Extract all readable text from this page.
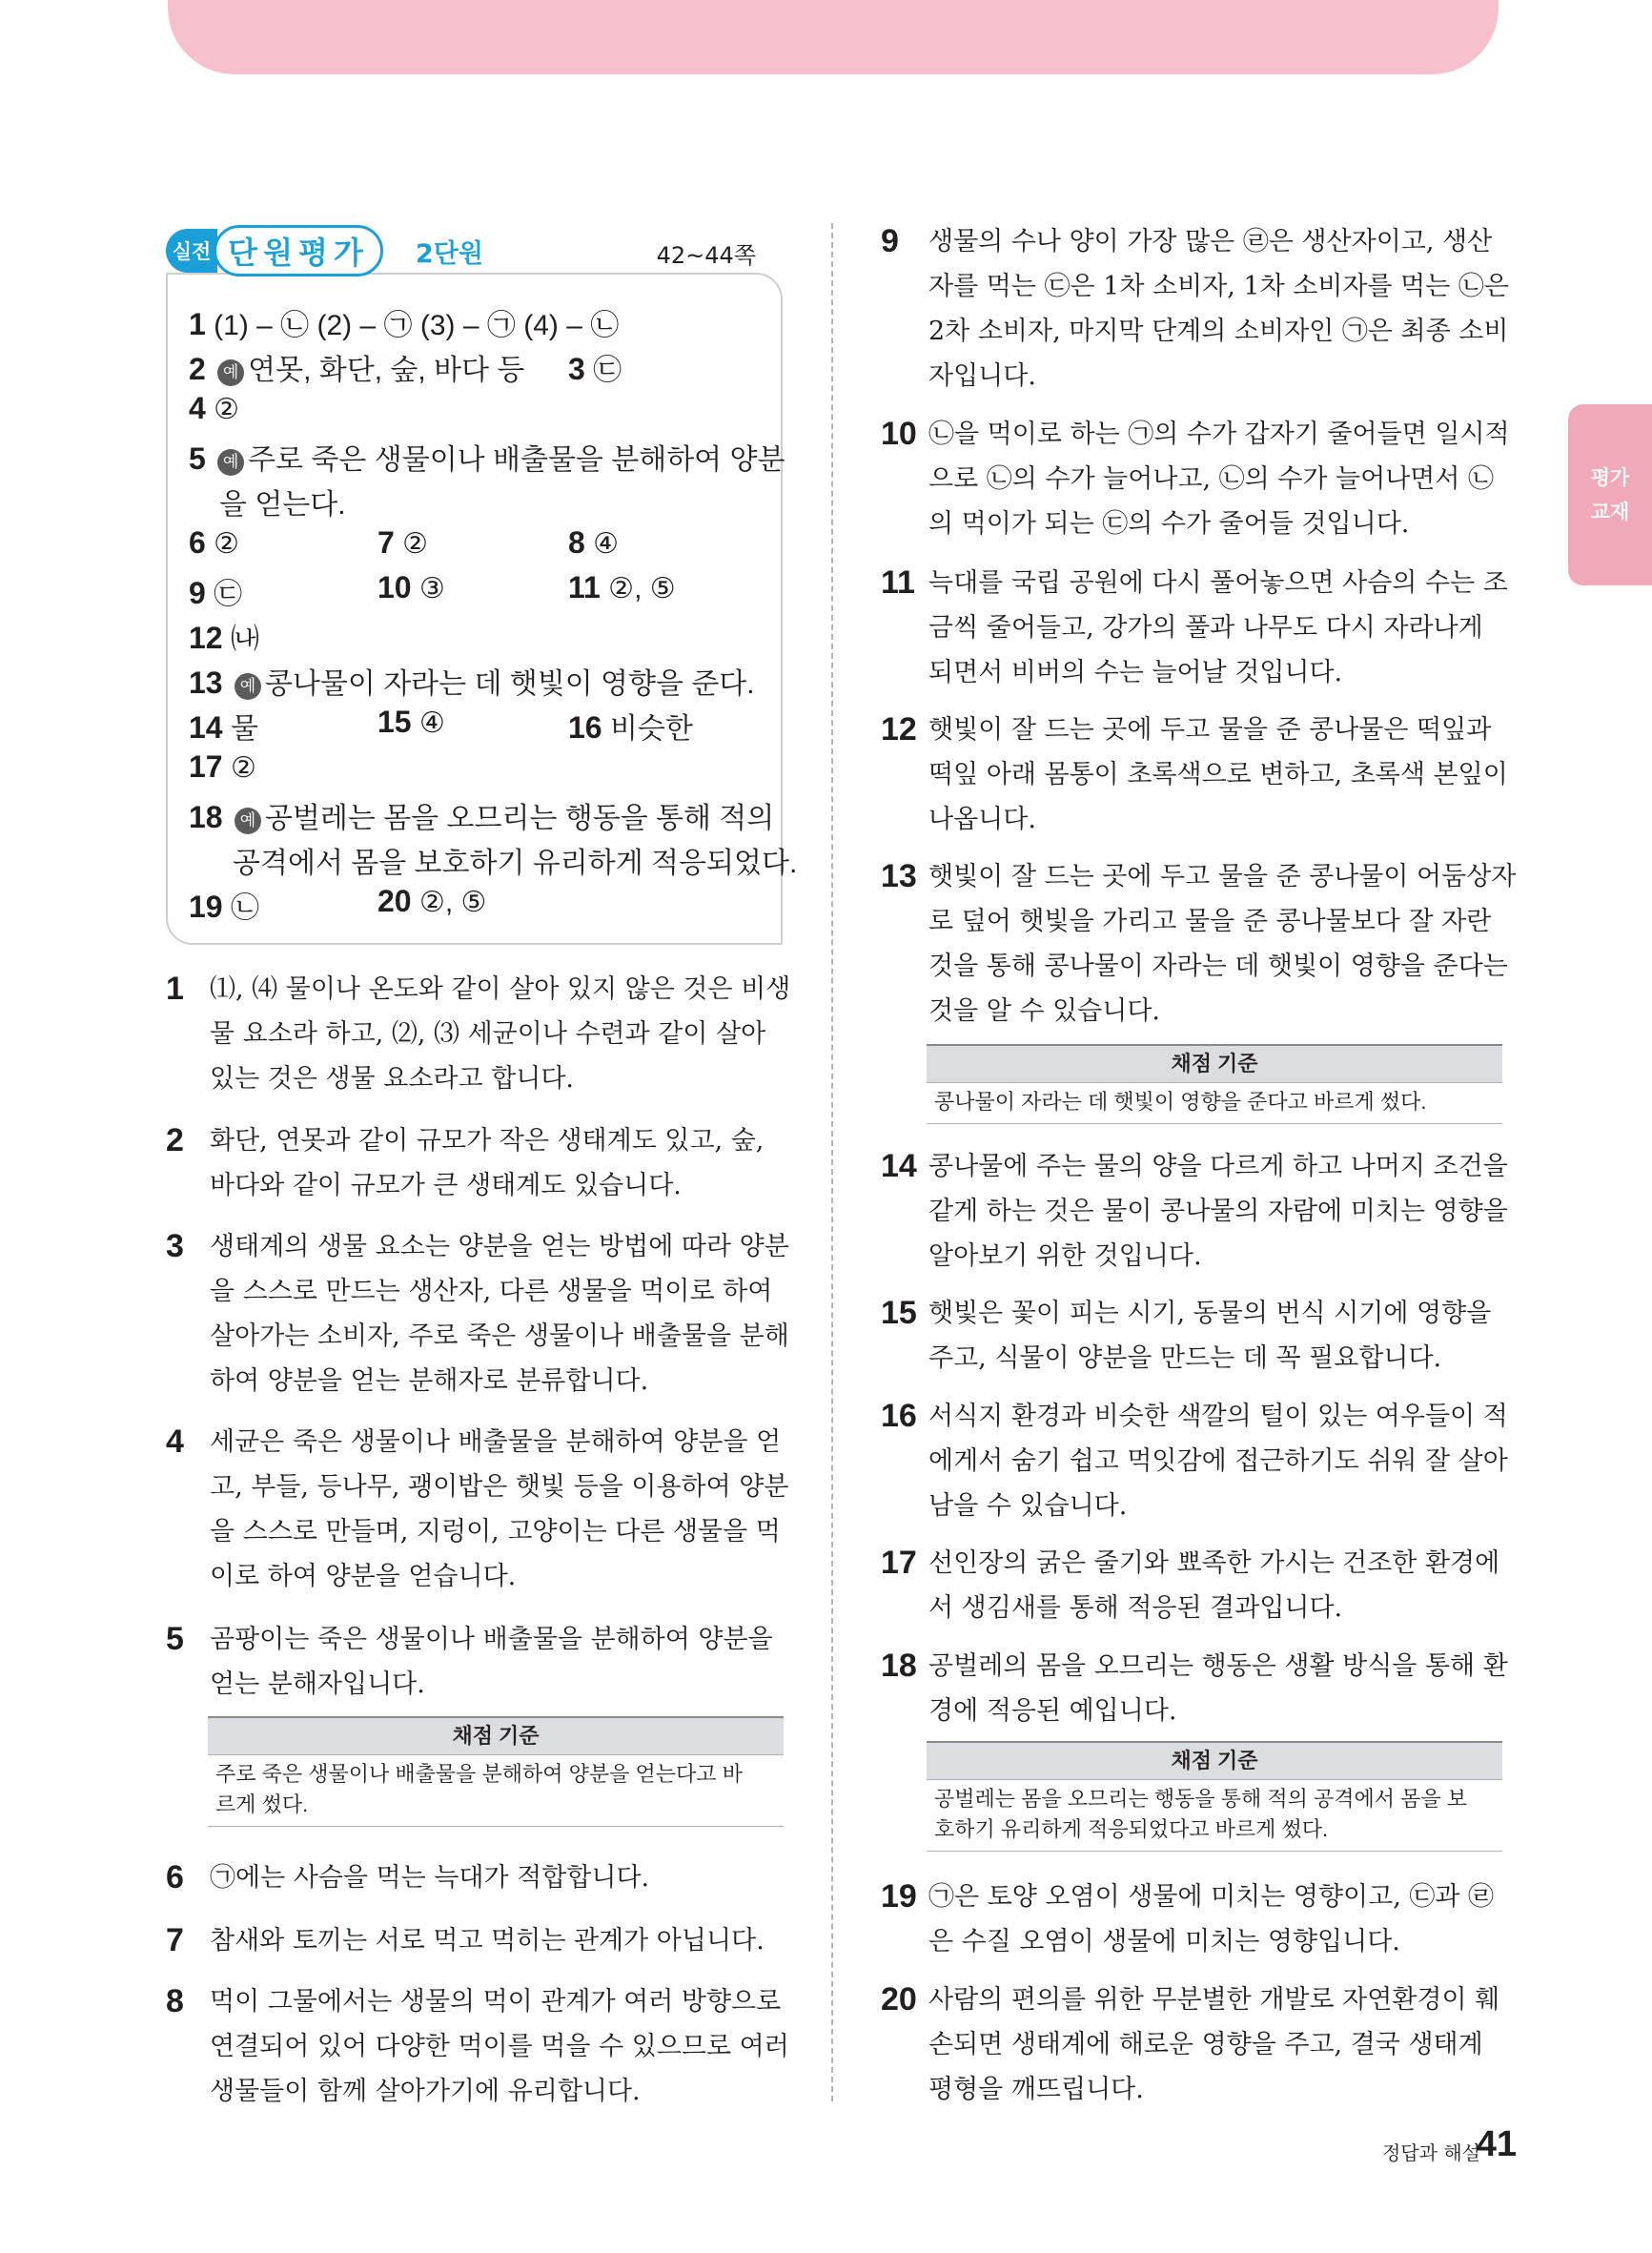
평가
교재
실전 단원평가	2단원	42~44쪽
1 (1) – ㉡ (2) – ㉠ (3) – ㉠ (4) – ㉡
2 예 연못, 화단, 숲, 바다 등 3 ㉢
4 ②
5 예 주로 죽은 생물이나 배출물을 분해하여 양분
을 얻는다.
6 ②	7 ②	8 ④
9 ㉢	10 ③	11 ②, ⑤
12 ㈏
13 예 콩나물이 자라는 데 햇빛이 영향을 준다.
14 물	15 ④	16 비슷한
17 ②
18 예 공벌레는 몸을 오므리는 행동을 통해 적의
공격에서 몸을 보호하기 유리하게 적응되었다.
19 ㉡	20 ②, ⑤
1 ⑴, ⑷ 물이나 온도와 같이 살아 있지 않은 것은 비생
물 요소라 하고, ⑵, ⑶ 세균이나 수련과 같이 살아
있는 것은 생물 요소라고 합니다.
2 화단, 연못과 같이 규모가 작은 생태계도 있고, 숲,
바다와 같이 규모가 큰 생태계도 있습니다.
3 생태계의 생물 요소는 양분을 얻는 방법에 따라 양분
을 스스로 만드는 생산자, 다른 생물을 먹이로 하여
살아가는 소비자, 주로 죽은 생물이나 배출물을 분해
하여 양분을 얻는 분해자로 분류합니다.
4 세균은 죽은 생물이나 배출물을 분해하여 양분을 얻
고, 부들, 등나무, 괭이밥은 햇빛 등을 이용하여 양분
을 스스로 만들며, 지렁이, 고양이는 다른 생물을 먹
이로 하여 양분을 얻습니다.
5 곰팡이는 죽은 생물이나 배출물을 분해하여 양분을
얻는 분해자입니다.
채점 기준
주로 죽은 생물이나 배출물을 분해하여 양분을 얻는다고 바
르게 썼다.
6 ㉠에는 사슴을 먹는 늑대가 적합합니다.
7 참새와 토끼는 서로 먹고 먹히는 관계가 아닙니다.
8 먹이 그물에서는 생물의 먹이 관계가 여러 방향으로
연결되어 있어 다양한 먹이를 먹을 수 있으므로 여러
생물들이 함께 살아가기에 유리합니다.
9 생물의 수나 양이 가장 많은 ㉣은 생산자이고, 생산
자를 먹는 ㉢은 1차 소비자, 1차 소비자를 먹는 ㉡은
2차 소비자, 마지막 단계의 소비자인 ㉠은 최종 소비
자입니다.
10 ㉡을 먹이로 하는 ㉠의 수가 갑자기 줄어들면 일시적
으로 ㉡의 수가 늘어나고, ㉡의 수가 늘어나면서 ㉡
의 먹이가 되는 ㉢의 수가 줄어들 것입니다.
11 늑대를 국립 공원에 다시 풀어놓으면 사슴의 수는 조
금씩 줄어들고, 강가의 풀과 나무도 다시 자라나게
되면서 비버의 수는 늘어날 것입니다.
12 햇빛이 잘 드는 곳에 두고 물을 준 콩나물은 떡잎과
떡잎 아래 몸통이 초록색으로 변하고, 초록색 본잎이
나옵니다.
13 햇빛이 잘 드는 곳에 두고 물을 준 콩나물이 어둠상자
로 덮어 햇빛을 가리고 물을 준 콩나물보다 잘 자란
것을 통해 콩나물이 자라는 데 햇빛이 영향을 준다는
것을 알 수 있습니다.
채점 기준
콩나물이 자라는 데 햇빛이 영향을 준다고 바르게 썼다.
14 콩나물에 주는 물의 양을 다르게 하고 나머지 조건을
같게 하는 것은 물이 콩나물의 자람에 미치는 영향을
알아보기 위한 것입니다.
15 햇빛은 꽃이 피는 시기, 동물의 번식 시기에 영향을
주고, 식물이 양분을 만드는 데 꼭 필요합니다.
16 서식지 환경과 비슷한 색깔의 털이 있는 여우들이 적
에게서 숨기 쉽고 먹잇감에 접근하기도 쉬워 잘 살아
남을 수 있습니다.
17 선인장의 굵은 줄기와 뾰족한 가시는 건조한 환경에
서 생김새를 통해 적응된 결과입니다.
18 공벌레의 몸을 오므리는 행동은 생활 방식을 통해 환
경에 적응된 예입니다.
채점 기준
공벌레는 몸을 오므리는 행동을 통해 적의 공격에서 몸을 보
호하기 유리하게 적응되었다고 바르게 썼다.
19 ㉠은 토양 오염이 생물에 미치는 영향이고, ㉢과 ㉣
은 수질 오염이 생물에 미치는 영향입니다.
20 사람의 편의를 위한 무분별한 개발로 자연환경이 훼
손되면 생태계에 해로운 영향을 주고, 결국 생태계
평형을 깨뜨립니다.
정답과 해설
41
